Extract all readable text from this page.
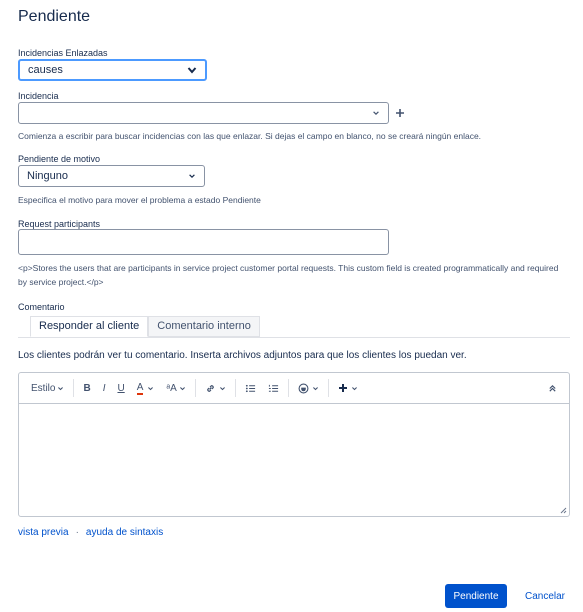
Pendiente
Incidencias Enlazadas
causes
Incidencia
Comienza a escribir para buscar incidencias con las que enlazar. Si dejas el campo en blanco, no se creará ningún enlace.
Pendiente de motivo
Ninguno
Especifica el motivo para mover el problema a estado Pendiente
Request participants
<p>Stores the users that are participants in service project customer portal requests. This custom field is created programmatically and required by service project.</p>
Comentario
Responder al cliente	Comentario interno
Los clientes podrán ver tu comentario. Inserta archivos adjuntos para que los clientes los puedan ver.
Estilo	B	I	U	A ᵃA
vista previa · ayuda de sintaxis
Pendiente	Cancelar
